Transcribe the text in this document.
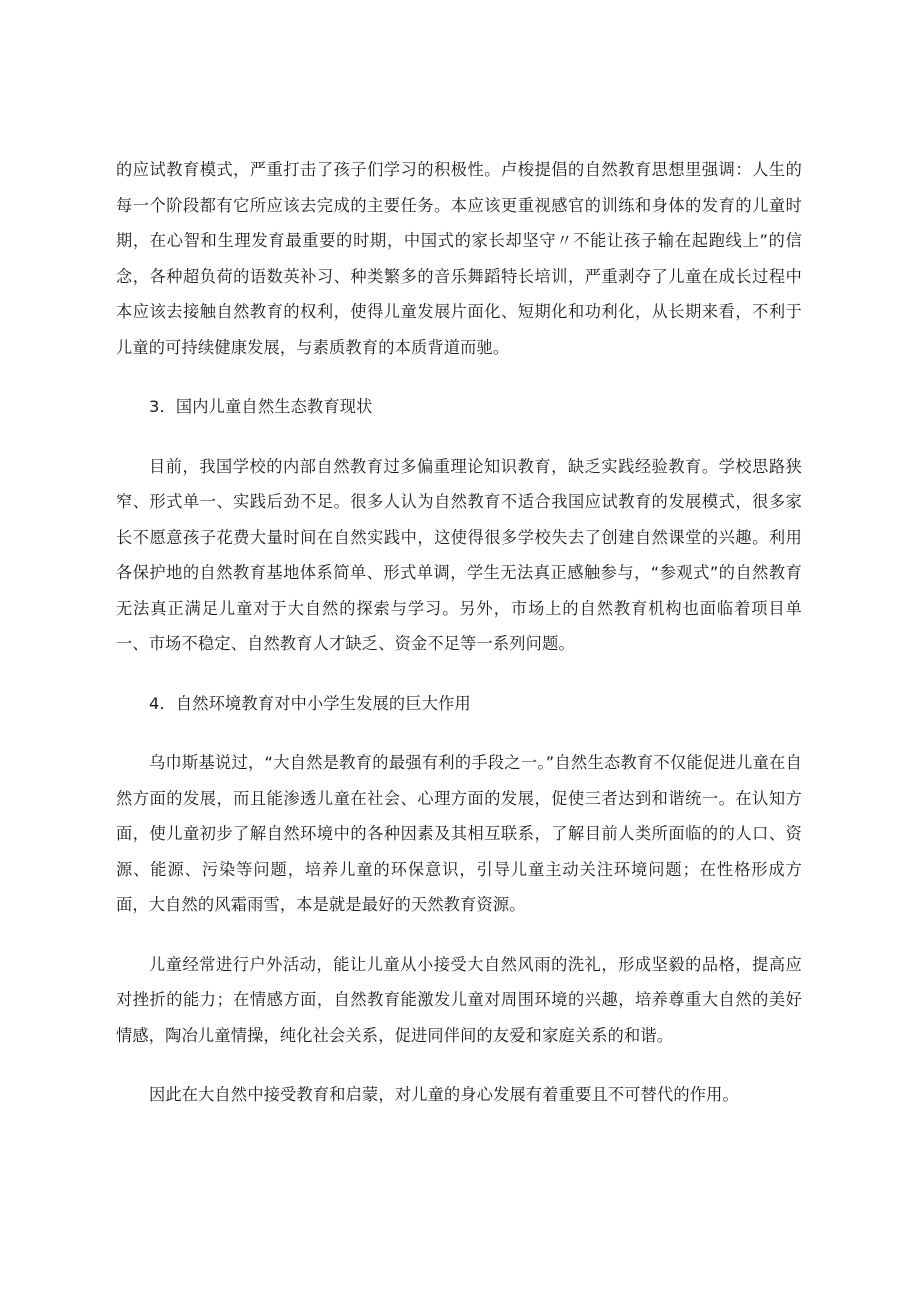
的应试教育模式，严重打击了孩子们学习的积极性。卢梭提倡的自然教育思想里强调：人生的每一个阶段都有它所应该去完成的主要任务。本应该更重视感官的训练和身体的发育的儿童时期，在心智和生理发育最重要的时期，中国式的家长却坚守〃不能让孩子输在起跑线上”的信念，各种超负荷的语数英补习、种类繁多的音乐舞蹈特长培训，严重剥夺了儿童在成长过程中本应该去接触自然教育的权利，使得儿童发展片面化、短期化和功利化，从长期来看，不利于儿童的可持续健康发展，与素质教育的本质背道而驰。

3．国内儿童自然生态教育现状

目前，我国学校的内部自然教育过多偏重理论知识教育，缺乏实践经验教育。学校思路狭窄、形式单一、实践后劲不足。很多人认为自然教育不适合我国应试教育的发展模式，很多家长不愿意孩子花费大量时间在自然实践中，这使得很多学校失去了创建自然课堂的兴趣。利用各保护地的自然教育基地体系简单、形式单调，学生无法真正感触参与，“参观式”的自然教育无法真正满足儿童对于大自然的探索与学习。另外，市场上的自然教育机构也面临着项目单一、市场不稳定、自然教育人才缺乏、资金不足等一系列问题。

4．自然环境教育对中小学生发展的巨大作用

乌巾斯基说过，“大自然是教育的最强有利的手段之一。”自然生态教育不仅能促进儿童在自然方面的发展，而且能渗透儿童在社会、心理方面的发展，促使三者达到和谐统一。在认知方面，使儿童初步了解自然环境中的各种因素及其相互联系，了解目前人类所面临的的人口、资源、能源、污染等问题，培养儿童的环保意识，引导儿童主动关注环境问题；在性格形成方面，大自然的风霜雨雪，本是就是最好的天然教育资源。

儿童经常进行户外活动，能让儿童从小接受大自然风雨的洗礼，形成坚毅的品格，提高应对挫折的能力；在情感方面，自然教育能激发儿童对周围环境的兴趣，培养尊重大自然的美好情感，陶冶儿童情操，纯化社会关系，促进同伴间的友爱和家庭关系的和谐。

因此在大自然中接受教育和启蒙，对儿童的身心发展有着重要且不可替代的作用。
